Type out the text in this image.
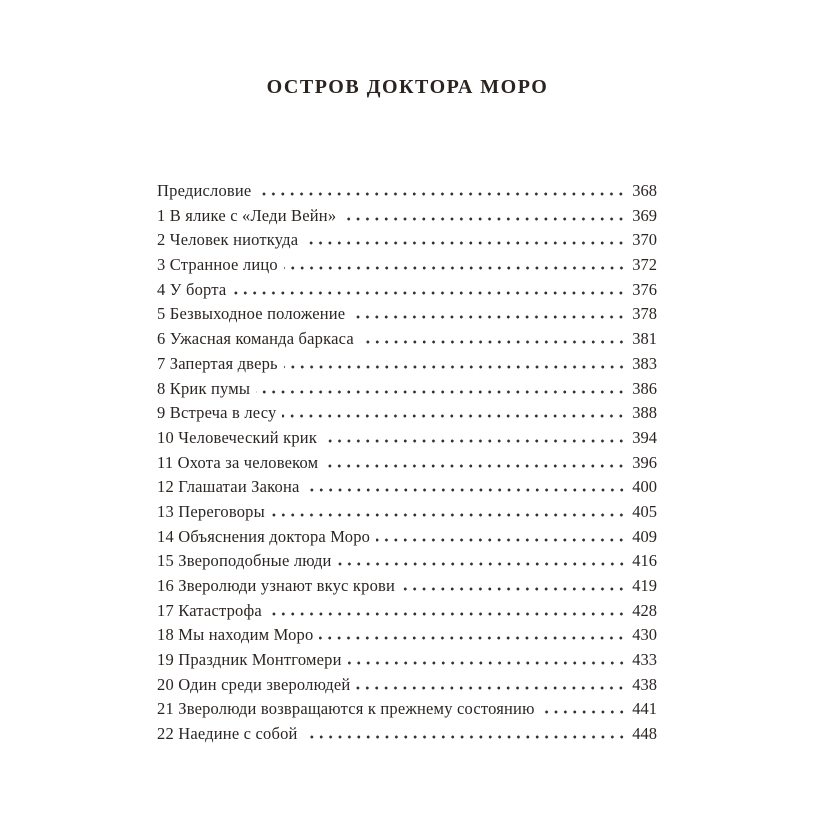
ОСТРОВ ДОКТОРА МОРО
Предисловие	368
1 В ялике с «Леди Вейн»	369
2 Человек ниоткуда	370
3 Странное лицо	372
4 У борта	376
5 Безвыходное положение	378
6 Ужасная команда баркаса	381
7 Запертая дверь	383
8 Крик пумы	386
9 Встреча в лесу	388
10 Человеческий крик	394
11 Охота за человеком	396
12 Глашатаи Закона	400
13 Переговоры	405
14 Объяснения доктора Моро	409
15 Звероподобные люди	416
16 Зверолюди узнают вкус крови	419
17 Катастрофа	428
18 Мы находим Моро	430
19 Праздник Монтгомери	433
20 Один среди зверолюдей	438
21 Зверолюди возвращаются к прежнему состоянию	441
22 Наедине с собой	448
